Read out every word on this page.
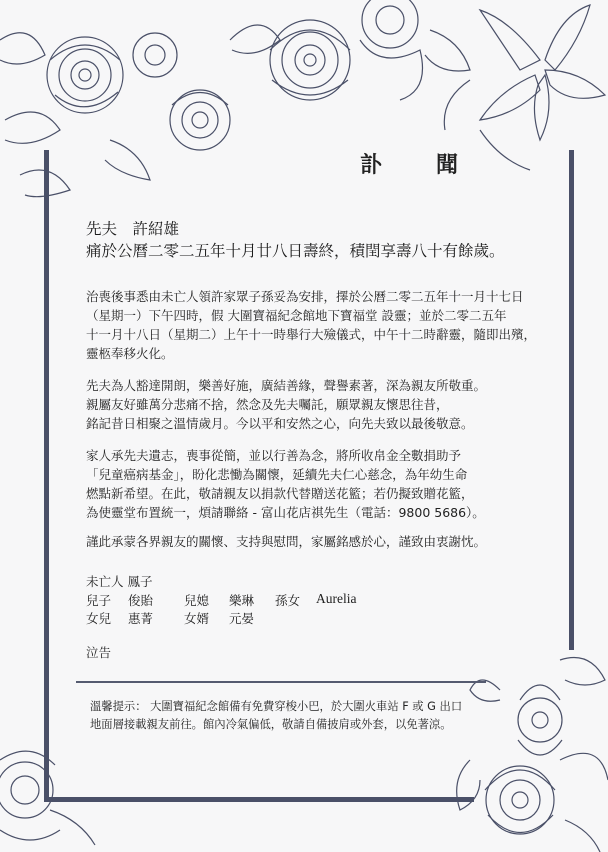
訃　聞
先夫　許紹雄
痛於公曆二零二五年十月廿八日壽終，積閏享壽八十有餘歲。
治喪後事悉由未亡人領許家眾子孫妥為安排，擇於公曆二零二五年十一月十七日
（星期一）下午四時，假 大圍寶福紀念館地下寶福堂 設靈；並於二零二五年
十一月十八日（星期二）上午十一時舉行大殮儀式，中午十二時辭靈，隨即出殯，
靈柩奉移火化。
先夫為人豁達開朗，樂善好施，廣結善緣，聲譽素著，深為親友所敬重。
親屬友好雖萬分悲痛不捨，然念及先夫囑託，願眾親友懷思往昔，
銘記昔日相聚之溫情歲月。今以平和安然之心，向先夫致以最後敬意。
家人承先夫遺志，喪事從簡，並以行善為念，將所收帛金全數捐助予
「兒童癌病基金」，盼化悲慟為關懷，延續先夫仁心慈念，為年幼生命
燃點新希望。在此，敬請親友以捐款代替贈送花籃；若仍擬致贈花籃，
為使靈堂布置統一，煩請聯絡 - 富山花店祺先生（電話：9800 5686）。
謹此承蒙各界親友的關懷、支持與慰問，家屬銘感於心，謹致由衷謝忱。
未亡人 鳳子
兒子 俊貽 兒媳 樂琳 孫女 Aurelia
女兒 惠菁 女婿 元晏
泣告
溫馨提示： 大圍寶福紀念館備有免費穿梭小巴，於大圍火車站 F 或 G 出口
地面層接載親友前往。館內冷氣偏低，敬請自備披肩或外套，以免著涼。
